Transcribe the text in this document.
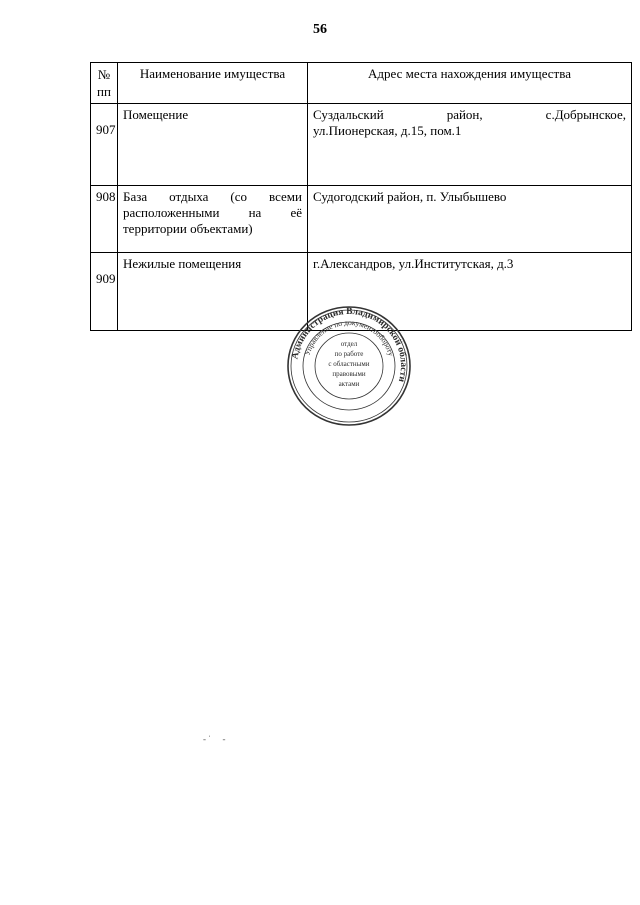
56
№ пп	Наименование имущества	Адрес места нахождения имущества
907	Помещение	Суздальский район, с.Добрынское,
ул.Пионерская, д.15, пом.1

908	База отдыха (со всеми расположенными на её территории объектами)	Судогодский район, п. Улыбышево
909	Нежилые помещения	г.Александров, ул.Институтская, д.3
Администрация Владимирской области
Управление по документообороту
отдел
по работе
с областными
правовыми
актами
‐ ˈ     ‐
